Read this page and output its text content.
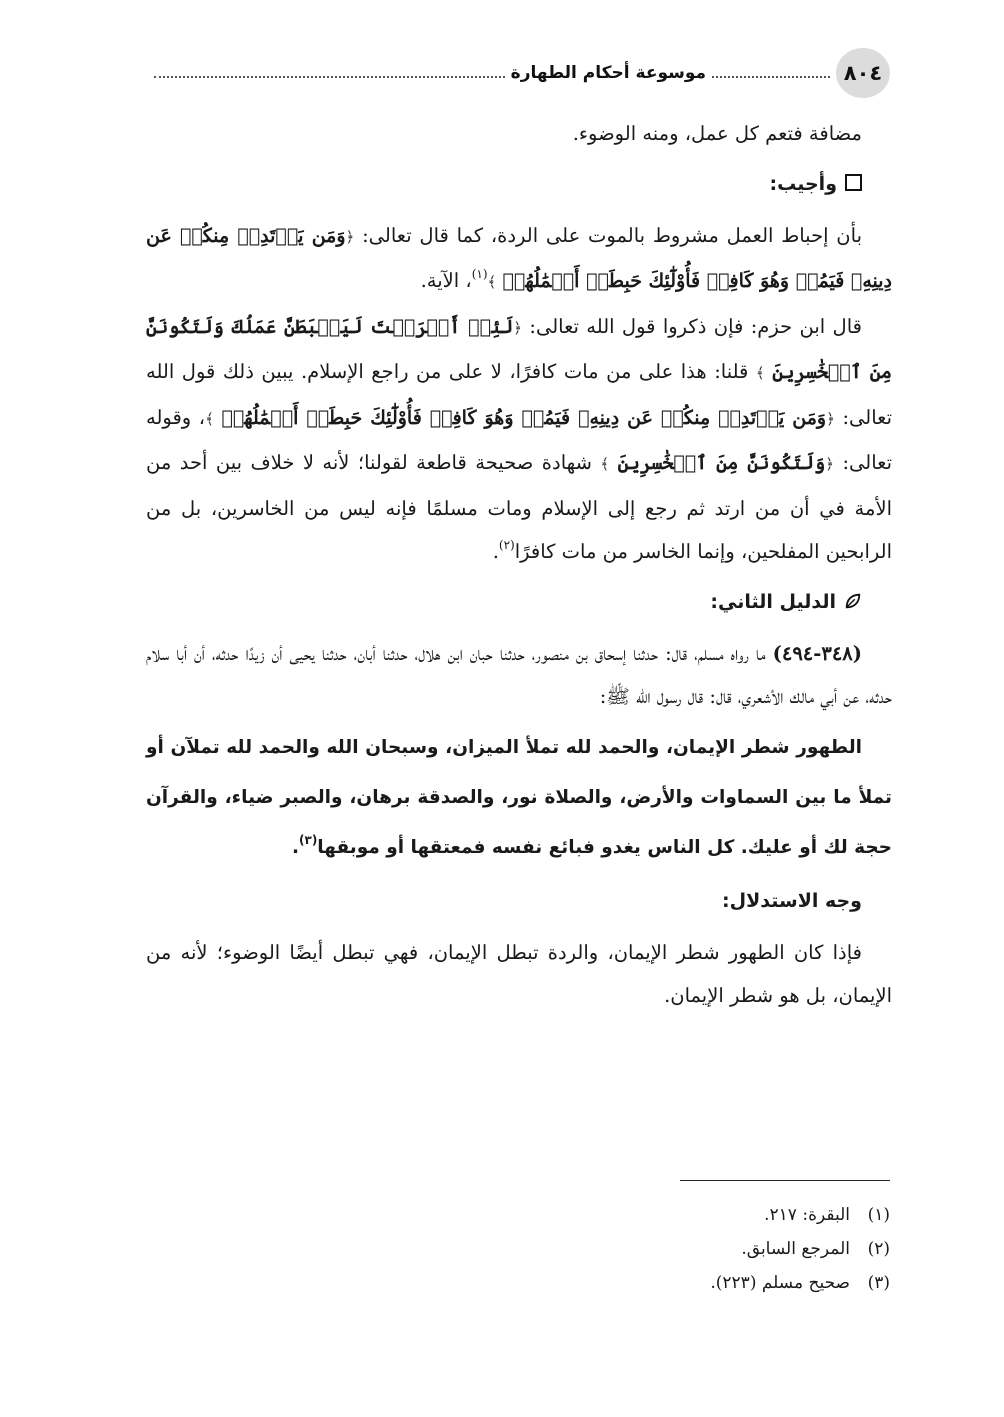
٨٠٤
موسوعة أحكام الطهارة

مضافة فتعم كل عمل، ومنه الوضوء.

وأجيب:

بأن إحباط العمل مشروط بالموت على الردة، كما قال تعالى: ﴿وَمَن يَرۡتَدِدۡ مِنكُمۡ عَن دِينِهِۦ فَيَمُتۡ وَهُوَ كَافِرٞ فَأُوْلَٰٓئِكَ حَبِطَتۡ أَعۡمَٰلُهُمۡ ﴾$^{(١)}$، الآية.

قال ابن حزم: فإن ذكروا قول الله تعالى: ﴿لَئِنۡ أَشۡرَكۡتَ لَيَحۡبَطَنَّ عَمَلُكَ وَلَتَكُونَنَّ مِنَ ٱلۡخَٰسِرِينَ ﴾ قلنا: هذا على من مات كافرًا، لا على من راجع الإسلام. يبين ذلك قول الله تعالى: ﴿وَمَن يَرۡتَدِدۡ مِنكُمۡ عَن دِينِهِۦ فَيَمُتۡ وَهُوَ كَافِرٞ فَأُوْلَٰٓئِكَ حَبِطَتۡ أَعۡمَٰلُهُمۡ ﴾، وقوله تعالى: ﴿وَلَتَكُونَنَّ مِنَ ٱلۡخَٰسِرِينَ ﴾ شهادة صحيحة قاطعة لقولنا؛ لأنه لا خلاف بين أحد من الأمة في أن من ارتد ثم رجع إلى الإسلام ومات مسلمًا فإنه ليس من الخاسرين، بل من الرابحين المفلحين، وإنما الخاسر من مات كافرًا$^{(٢)}$.

الدليل الثاني:

(٣٤٨-٤٩٤) ما رواه مسلم، قال: حدثنا إسحاق بن منصور، حدثنا حبان ابن هلال، حدثنا أبان، حدثنا يحيى أن زيدًا حدثه، أن أبا سلام حدثه، عن أبي مالك الأشعري، قال: قال رسول الله ﷺ:

الطهور شطر الإيمان، والحمد لله تملأ الميزان، وسبحان الله والحمد لله تملآن أو تملأ ما بين السماوات والأرض، والصلاة نور، والصدقة برهان، والصبر ضياء، والقرآن حجة لك أو عليك. كل الناس يغدو فبائع نفسه فمعتقها أو موبقها$^{(٣)}$.

وجه الاستدلال:

فإذا كان الطهور شطر الإيمان، والردة تبطل الإيمان، فهي تبطل أيضًا الوضوء؛ لأنه من الإيمان، بل هو شطر الإيمان.

(١)البقرة: ٢١٧.

(٢)المرجع السابق.

(٣)صحيح مسلم (٢٢٣).
